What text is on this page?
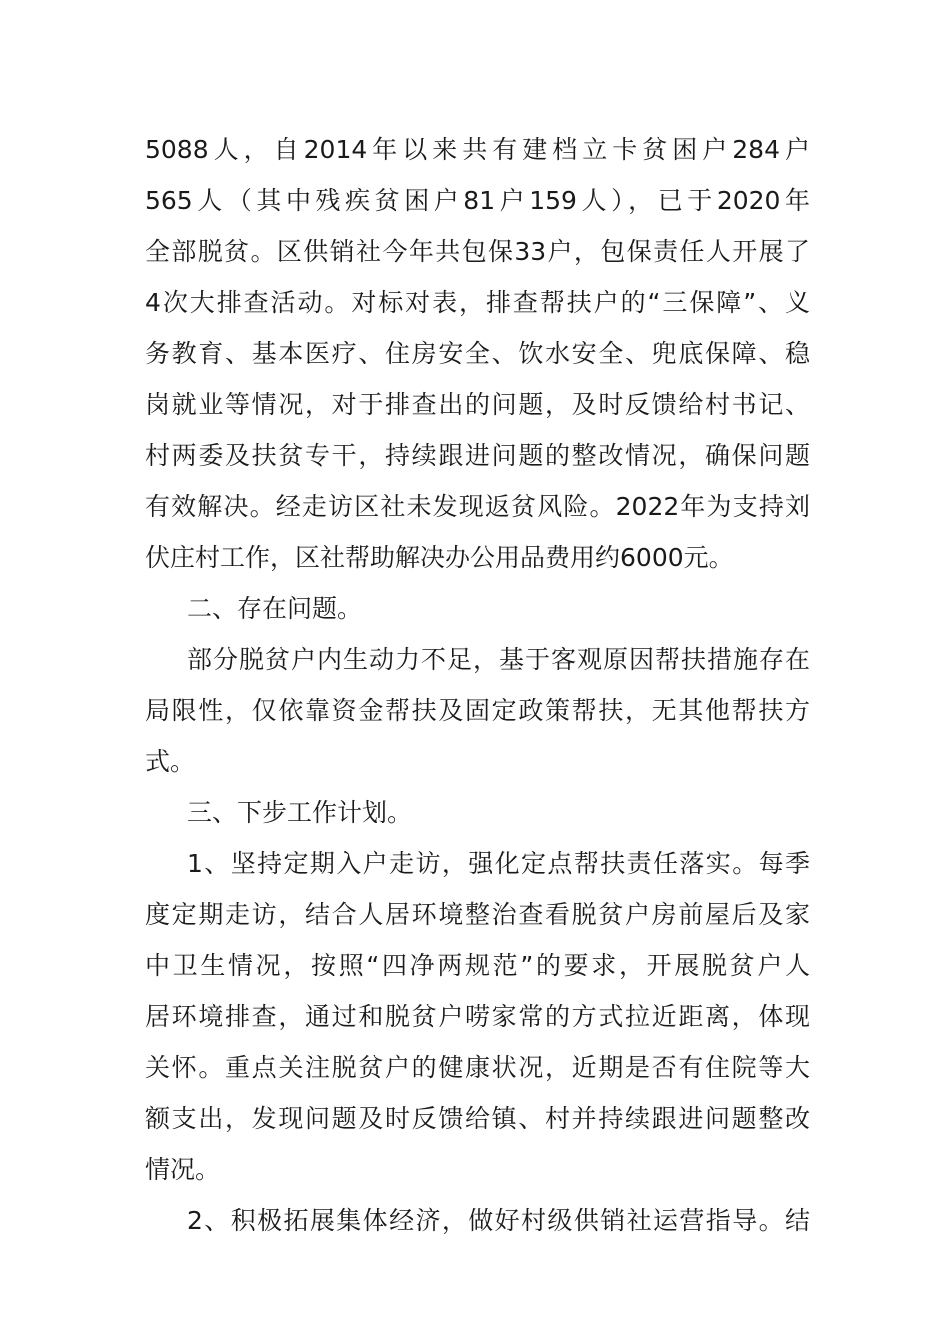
5088人，自2014年以来共有建档立卡贫困户284户
565人（其中残疾贫困户81户159人），已于2020年
全部脱贫。区供销社今年共包保33户，包保责任人开展了
4次大排查活动。对标对表，排查帮扶户的“三保障”、义
务教育、基本医疗、住房安全、饮水安全、兜底保障、稳
岗就业等情况，对于排查出的问题，及时反馈给村书记、
村两委及扶贫专干，持续跟进问题的整改情况，确保问题
有效解决。经走访区社未发现返贫风险。2022年为支持刘
伏庄村工作，区社帮助解决办公用品费用约6000元。
二、存在问题。
部分脱贫户内生动力不足，基于客观原因帮扶措施存在
局限性，仅依靠资金帮扶及固定政策帮扶，无其他帮扶方
式。
三、下步工作计划。
1、坚持定期入户走访，强化定点帮扶责任落实。每季
度定期走访，结合人居环境整治查看脱贫户房前屋后及家
中卫生情况，按照“四净两规范”的要求，开展脱贫户人
居环境排查，通过和脱贫户唠家常的方式拉近距离，体现
关怀。重点关注脱贫户的健康状况，近期是否有住院等大
额支出，发现问题及时反馈给镇、村并持续跟进问题整改
情况。
2、积极拓展集体经济，做好村级供销社运营指导。结
